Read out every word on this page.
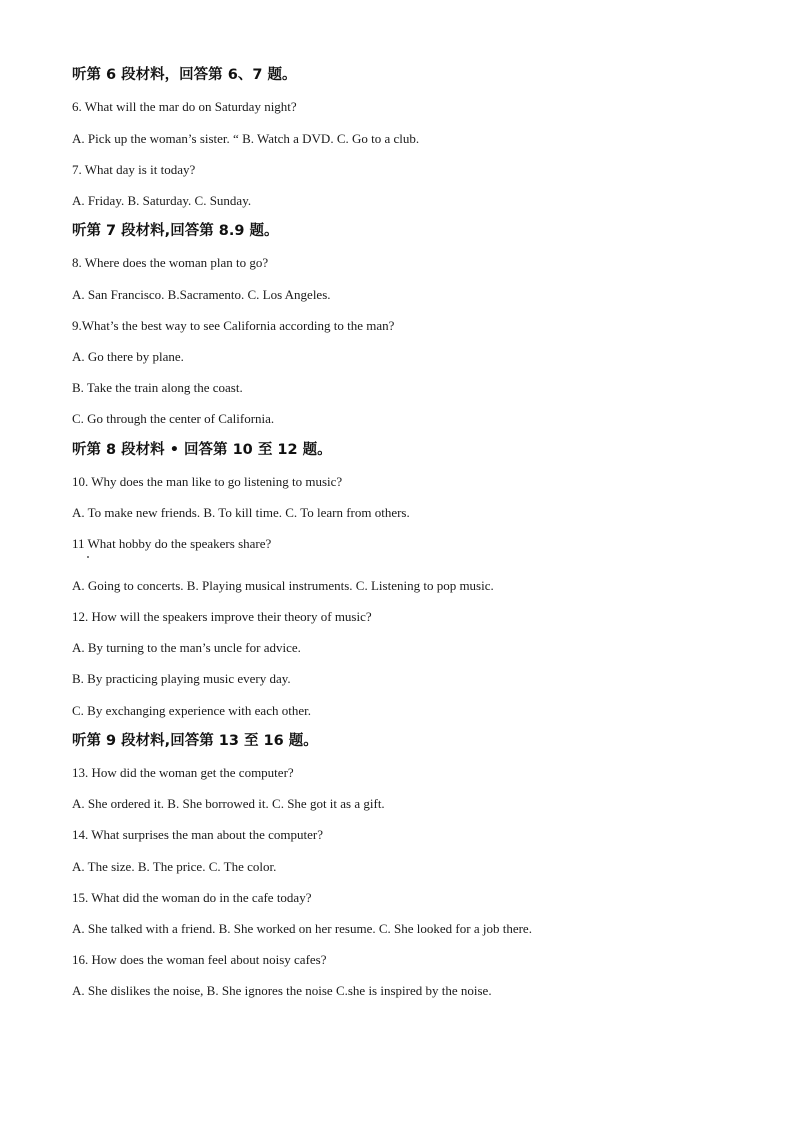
听第 6 段材料，回答第 6、7 题。
6. What will the mar do on Saturday night?
A. Pick up the woman’s sister. “ B. Watch a DVD. C. Go to a club.
7. What day is it today?
A. Friday. B. Saturday. C. Sunday.
听第 7 段材料,回答第 8.9 题。
8. Where does the woman plan to go?
A. San Francisco. B.Sacramento. C. Los Angeles.
9.What’s the best way to see California according to the man?
A. Go there by plane.
B. Take the train along the coast.
C. Go through the center of California.
听第 8 段材料 • 回答第 10 至 12 题。
10. Why does the man like to go listening to music?
A. To make new friends. B. To kill time. C. To learn from others.
11 What hobby do the speakers share?
A. Going to concerts. B. Playing musical instruments. C. Listening to pop music.
12. How will the speakers improve their theory of music?
A. By turning to the man’s uncle for advice.
B. By practicing playing music every day.
C. By exchanging experience with each other.
听第 9 段材料,回答第 13 至 16 题。
13. How did the woman get the computer?
A. She ordered it. B. She borrowed it. C. She got it as a gift.
14. What surprises the man about the computer?
A. The size. B. The price. C. The color.
15. What did the woman do in the cafe today?
A. She talked with a friend. B. She worked on her resume. C. She looked for a job there.
16. How does the woman feel about noisy cafes?
A. She dislikes the noise, B. She ignores the noise C.she is inspired by the noise.
